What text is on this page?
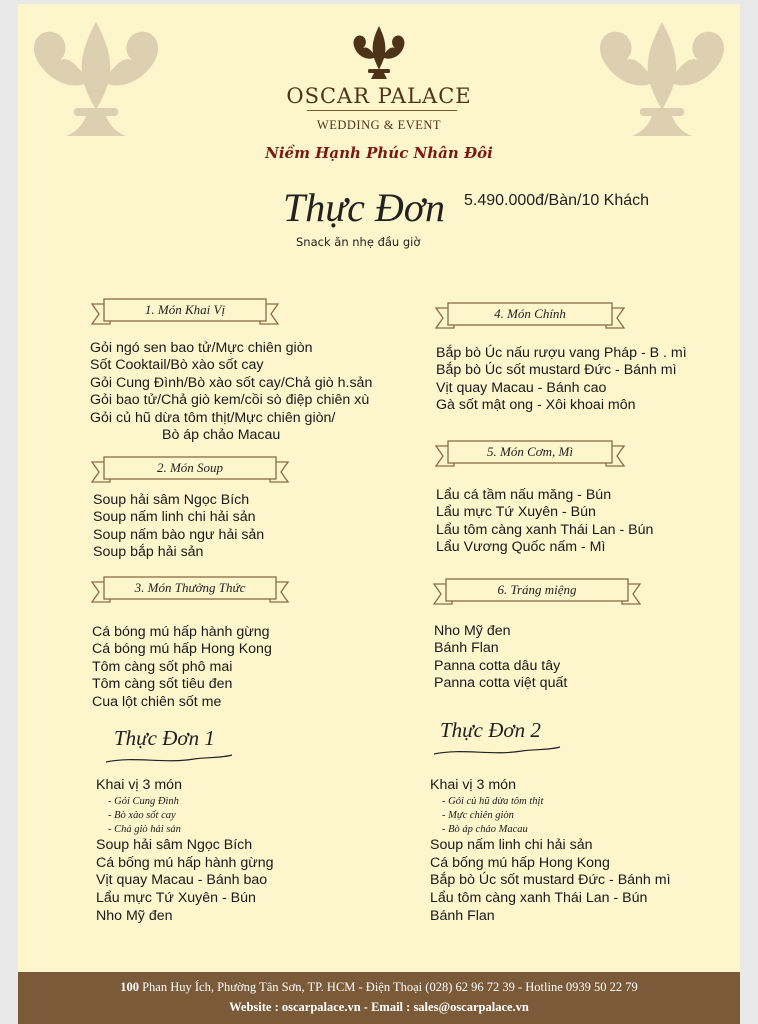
OSCAR PALACE
WEDDING & EVENT
Niềm Hạnh Phúc Nhân Đôi
Thực Đơn 5.490.000đ/Bàn/10 Khách
Snack ăn nhẹ đầu giờ
1. Món Khai Vị
Gỏi ngó sen bao tử/Mực chiên giòn
Sốt Cooktail/Bò xào sốt cay
Gỏi Cung Đình/Bò xào sốt cay/Chả giò h.sản
Gỏi bao tử/Chả giò kem/cồi sò điệp chiên xù
Gỏi củ hũ dừa tôm thịt/Mực chiên giòn/
Bò áp chảo Macau
2. Món Soup
Soup hải sâm Ngọc Bích
Soup nấm linh chi hải sản
Soup nấm bào ngư hải sản
Soup bắp hải sản
3. Món Thưởng Thức
Cá bóng mú hấp hành gừng
Cá bóng mú hấp Hong Kong
Tôm càng sốt phô mai
Tôm càng sốt tiêu đen
Cua lột chiên sốt me
4. Món Chính
Bắp bò Úc nấu rượu vang Pháp - B . mì
Bắp bò Úc sốt mustard Đức - Bánh mì
Vịt quay Macau - Bánh cao
Gà sốt mật ong - Xôi khoai môn
5. Món Cơm, Mì
Lẩu cá tầm nấu măng - Bún
Lẩu mực Tứ Xuyên - Bún
Lẩu tôm càng xanh Thái Lan - Bún
Lẩu Vương Quốc nấm - Mì
6. Tráng miệng
Nho Mỹ đen
Bánh Flan
Panna cotta dâu tây
Panna cotta việt quất
Thực Đơn 1
Khai vị 3 món
- Gỏi Cung Đình
- Bò xào sốt cay
- Chả giò hải sản
Soup hải sâm Ngọc Bích
Cá bống mú hấp hành gừng
Vịt quay Macau - Bánh bao
Lẩu mực Tứ Xuyên - Bún
Nho Mỹ đen
Thực Đơn 2
Khai vị 3 món
- Gỏi củ hũ dừa tôm thịt
- Mực chiên giòn
- Bò áp chảo Macau
Soup nấm linh chi hải sản
Cá bống mú hấp Hong Kong
Bắp bò Úc sốt mustard Đức - Bánh mì
Lẩu tôm càng xanh Thái Lan - Bún
Bánh Flan
100 Phan Huy Ích, Phường Tân Sơn, TP. HCM - Điện Thoại (028) 62 96 72 39 - Hotline 0939 50 22 79
Website : oscarpalace.vn - Email : sales@oscarpalace.vn
